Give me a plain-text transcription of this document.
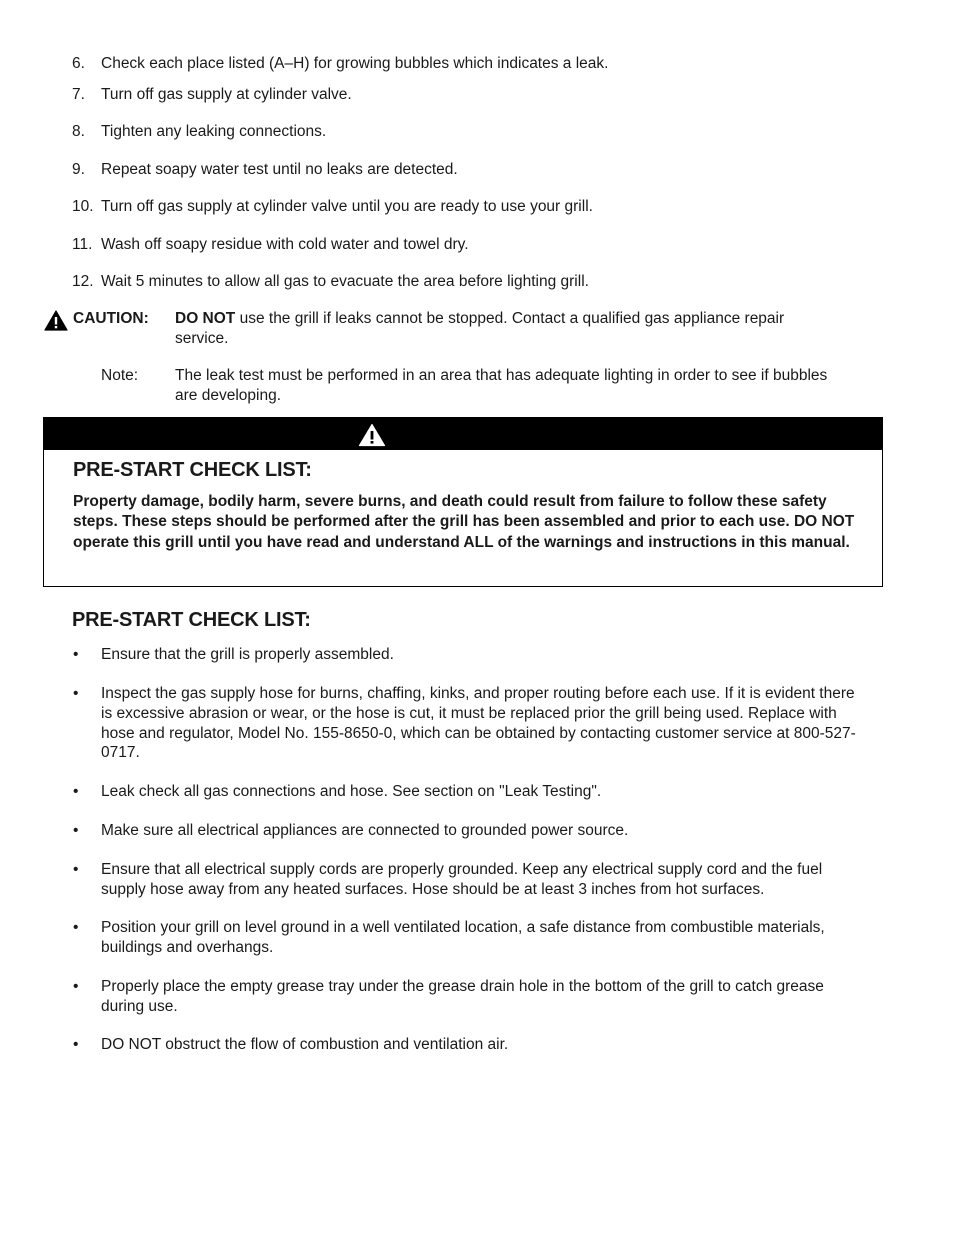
6.	Check each place listed (A–H) for growing bubbles which indicates a leak.
7.	Turn off gas supply at cylinder valve.
8.	Tighten any leaking connections.
9.	Repeat soapy water test until no leaks are detected.
10. Turn off gas supply at cylinder valve until you are ready to use your grill.
11. Wash off soapy residue with cold water and towel dry.
12. Wait 5 minutes to allow all gas to evacuate the area before lighting grill.
CAUTION: DO NOT use the grill if leaks cannot be stopped. Contact a qualified gas appliance repair service.
Note: The leak test must be performed in an area that has adequate lighting in order to see if bubbles are developing.
PRE-START CHECK LIST:
Property damage, bodily harm, severe burns, and death could result from failure to follow these safety steps. These steps should be performed after the grill has been assembled and prior to each use. DO NOT operate this grill until you have read and understand ALL of the warnings and instructions in this manual.
PRE-START CHECK LIST:
•	Ensure that the grill is properly assembled.
•	Inspect the gas supply hose for burns, chaffing, kinks, and proper routing before each use. If it is evident there is excessive abrasion or wear, or the hose is cut, it must be replaced prior the grill being used. Replace with hose and regulator, Model No. 155-8650-0, which can be obtained by contacting customer service at 800-527-0717.
•	Leak check all gas connections and hose. See section on "Leak Testing".
•	Make sure all electrical appliances are connected to grounded power source.
•	Ensure that all electrical supply cords are properly grounded. Keep any electrical supply cord and the fuel supply hose away from any heated surfaces. Hose should be at least 3 inches from hot surfaces.
•	Position your grill on level ground in a well ventilated location, a safe distance from combustible materials, buildings and overhangs.
•	Properly place the empty grease tray under the grease drain hole in the bottom of the grill to catch grease during use.
•	DO NOT obstruct the flow of combustion and ventilation air.
